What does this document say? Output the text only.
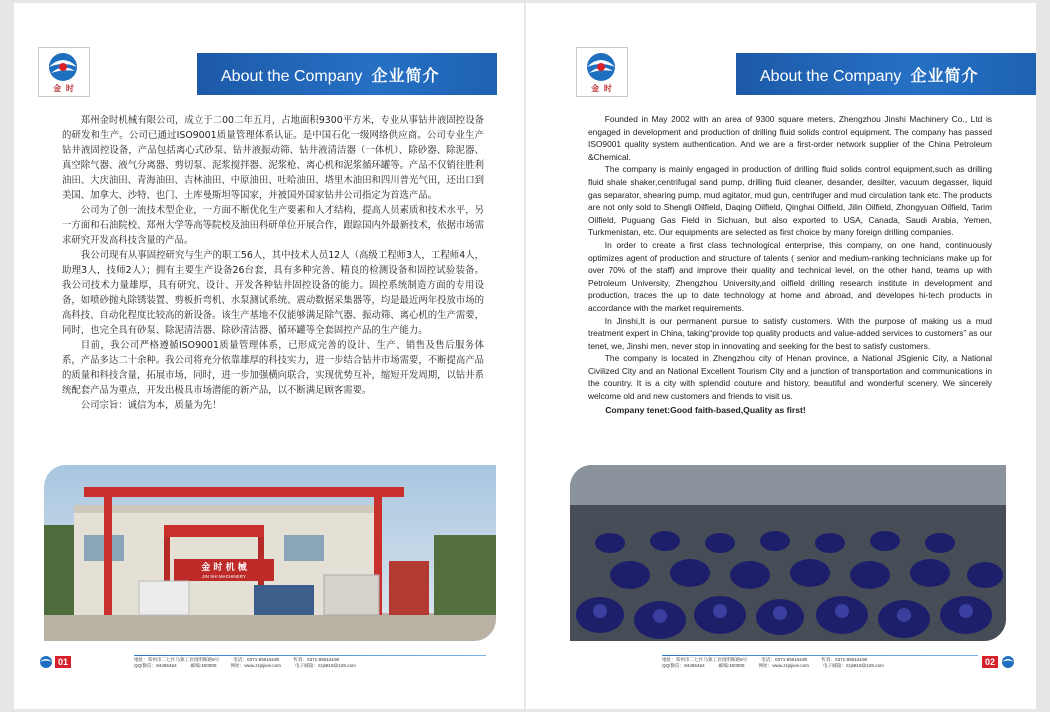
金 时
About the Company 企业简介

郑州金时机械有限公司，成立于二00二年五月，占地面积9300平方米，专业从事钻井液固控设备的研发和生产。公司已通过ISO9001质量管理体系认证。是中国石化一级网络供应商。公司专业生产钻井液固控设备，产品包括离心式砂泵、钻井液振动筛、钻井液清洁器（一体机）、除砂器、除泥器、真空除气器、液气分离器、剪切泵、泥浆搅拌器、泥浆枪、离心机和泥浆循环罐等。产品不仅销往胜利油田、大庆油田、青海油田、吉林油田、中原油田、吐哈油田、塔里木油田和四川普光气田，还出口到美国、加拿大、沙特、也门、土库曼斯坦等国家，并被国外国家钻井公司指定为首选产品。

公司为了创一流技术型企业，一方面不断优化生产要素和人才结构，提高人员素质和技术水平，另一方面和石油院校、郑州大学等高等院校及油田科研单位开展合作，跟踪国内外最新技术，依据市场需求研究开发高科技含量的产品。

我公司现有从事固控研究与生产的职工56人，其中技术人员12人（高级工程师3人，工程师4人，助理3人，技师2人）；拥有主要生产设备26台套，具有多种完善、精良的检测设备和固控试验装备。我公司技术力量雄厚，具有研究、设计、开发各种钻井固控设备的能力。固控系统制造方面的专用设备，如喷砂抛丸除锈装置、剪板折弯机、水泵测试系统、震动数据采集器等，均是最近两年投放市场的高科技、自动化程度比较高的新设备。该生产基地不仅能够满足除气器、振动筛、离心机的生产需要，同时，也完全具有砂泵、除泥清洁器、除砂清洁器、循环罐等全套固控产品的生产能力。

目前，我公司严格遵循ISO9001质量管理体系，已形成完善的设计、生产、销售及售后服务体系，产品多达二十余种。我公司将充分依靠雄厚的科技实力，进一步结合钻井市场需要，不断提高产品的质量和科技含量，拓展市场，同时，进一步加强横向联合，实现优势互补，缩短开发周期，以钻井系统配套产品为重点，开发出极具市场潜能的新产品，以不断满足顾客需要。

公司宗旨：诚信为本，质量为先！

金 时 机 械
JIN SHI MACHINERY
01	地址：郑州市二七区马寨工业园明晖路6号	电话：0371-85516190	传真：0371-85516190
QQ/微信：84465464	邮编:450000	网址：www.zzjsjixie.com	电子邮箱：zzjs818@126.com
金 时
About the Company 企业简介

Founded in May 2002 with an area of 9300 square meters, Zhengzhou Jinshi Machinery Co., Ltd is engaged in development and production of drilling fluid solids control equipment. The company has passed ISO9001 quality system authentication. And we are a first-order network supplier of the China Petroleum &Chemical.

The company is mainly engaged in production of drilling fluid solids control equipment,such as drilling fluid shale shaker,centrifugal sand pump, drilling fluid cleaner, desander, desilter, vacuum degasser, liquid gas separator, shearing pump, mud agitator, mud gun, centrifuger and mud circulation tank etc. The products are not only sold to Shengli Oilfield, Daqing Oilfield, Qinghai Oilfield, Jilin Oilfield, Zhongyuan Oilfield, Tarim Oilfield, Puguang Gas Field in Sichuan, but also exported to USA, Canada, Saudi Arabia, Yemen, Turkmenistan, etc. Our equipments are selected as first choice by many foreign drilling companies.

In order to create a first class technological enterprise, this company, on one hand, continuously optimizes agent of production and structure of talents ( senior and medium-ranking technicians make up for over 70% of the staff) and improve their quality and technical level, on the other hand, teams up with Petroleum University, Zhengzhou University,and oilfield drilling research institute in development and production, traces the up to date technology at home and abroad, and developes hi-tech products in accordance with the market requirements.

In Jinshi,It is our permanent pursue to satisfy customers. With the purpose of making us a mud treatment expert in China, taking“provide top quality products and value-added services to customers” as our tenet, we, Jinshi men, never stop in innovating and seeking for the best to satisfy customers.

The company is located in Zhengzhou city of Henan province, a National JSgienic City, a National Civilized City and an National Excellent Tourism City and a junction of transportation and communications in the country. It is a city with splendid couture and history, beautiful and wonderful scenery. We sincerely welcome old and new customers and friends to visit us.

Company tenet:Good faith-based,Quality as first!

地址：郑州市二七区马寨工业园明晖路6号	电话：0371-85516190	传真：0371-85516190
QQ/微信：84465464	邮编:450000	网址：www.zzjsjixie.com	电子邮箱：zzjs818@126.com	02
